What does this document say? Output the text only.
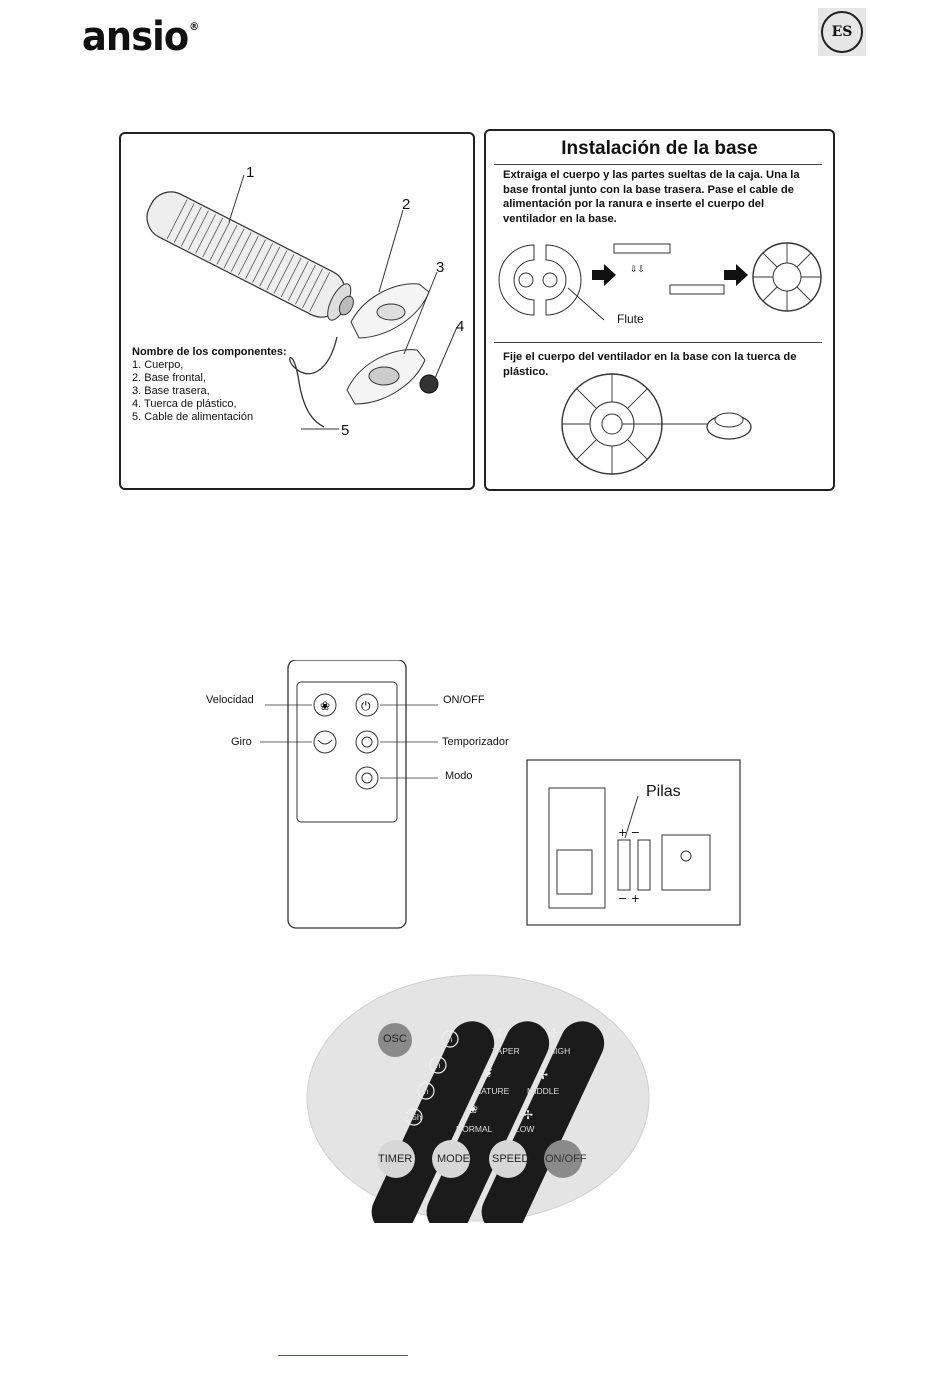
ansio®	ES
1
2
3
4
5
Nombre de los componentes:
1. Cuerpo,
2. Base frontal,
3. Base trasera,
4. Tuerca de plástico,
5. Cable de alimentación
Instalación de la base
Extraiga el cuerpo y las partes sueltas de la caja. Una la base frontal junto con la base trasera. Pase el cable de alimentación por la ranura e inserte el cuerpo del ventilador en la base.
⇩⇩
Flute
Fije el cuerpo del ventilador en la base con la tuerca de plástico.
❀	⏻
+ −
− +
Velocidad
Giro
ON/OFF
Temporizador
Modo
Pilas
☾
❦
❀
✢
✢
✢
OSC
TIMER MODE SPEED ON/OFF
4h
2h
1h
0.5h
TAPER
NATURE
NORMAL
HIGH
MIDDLE
LOW
